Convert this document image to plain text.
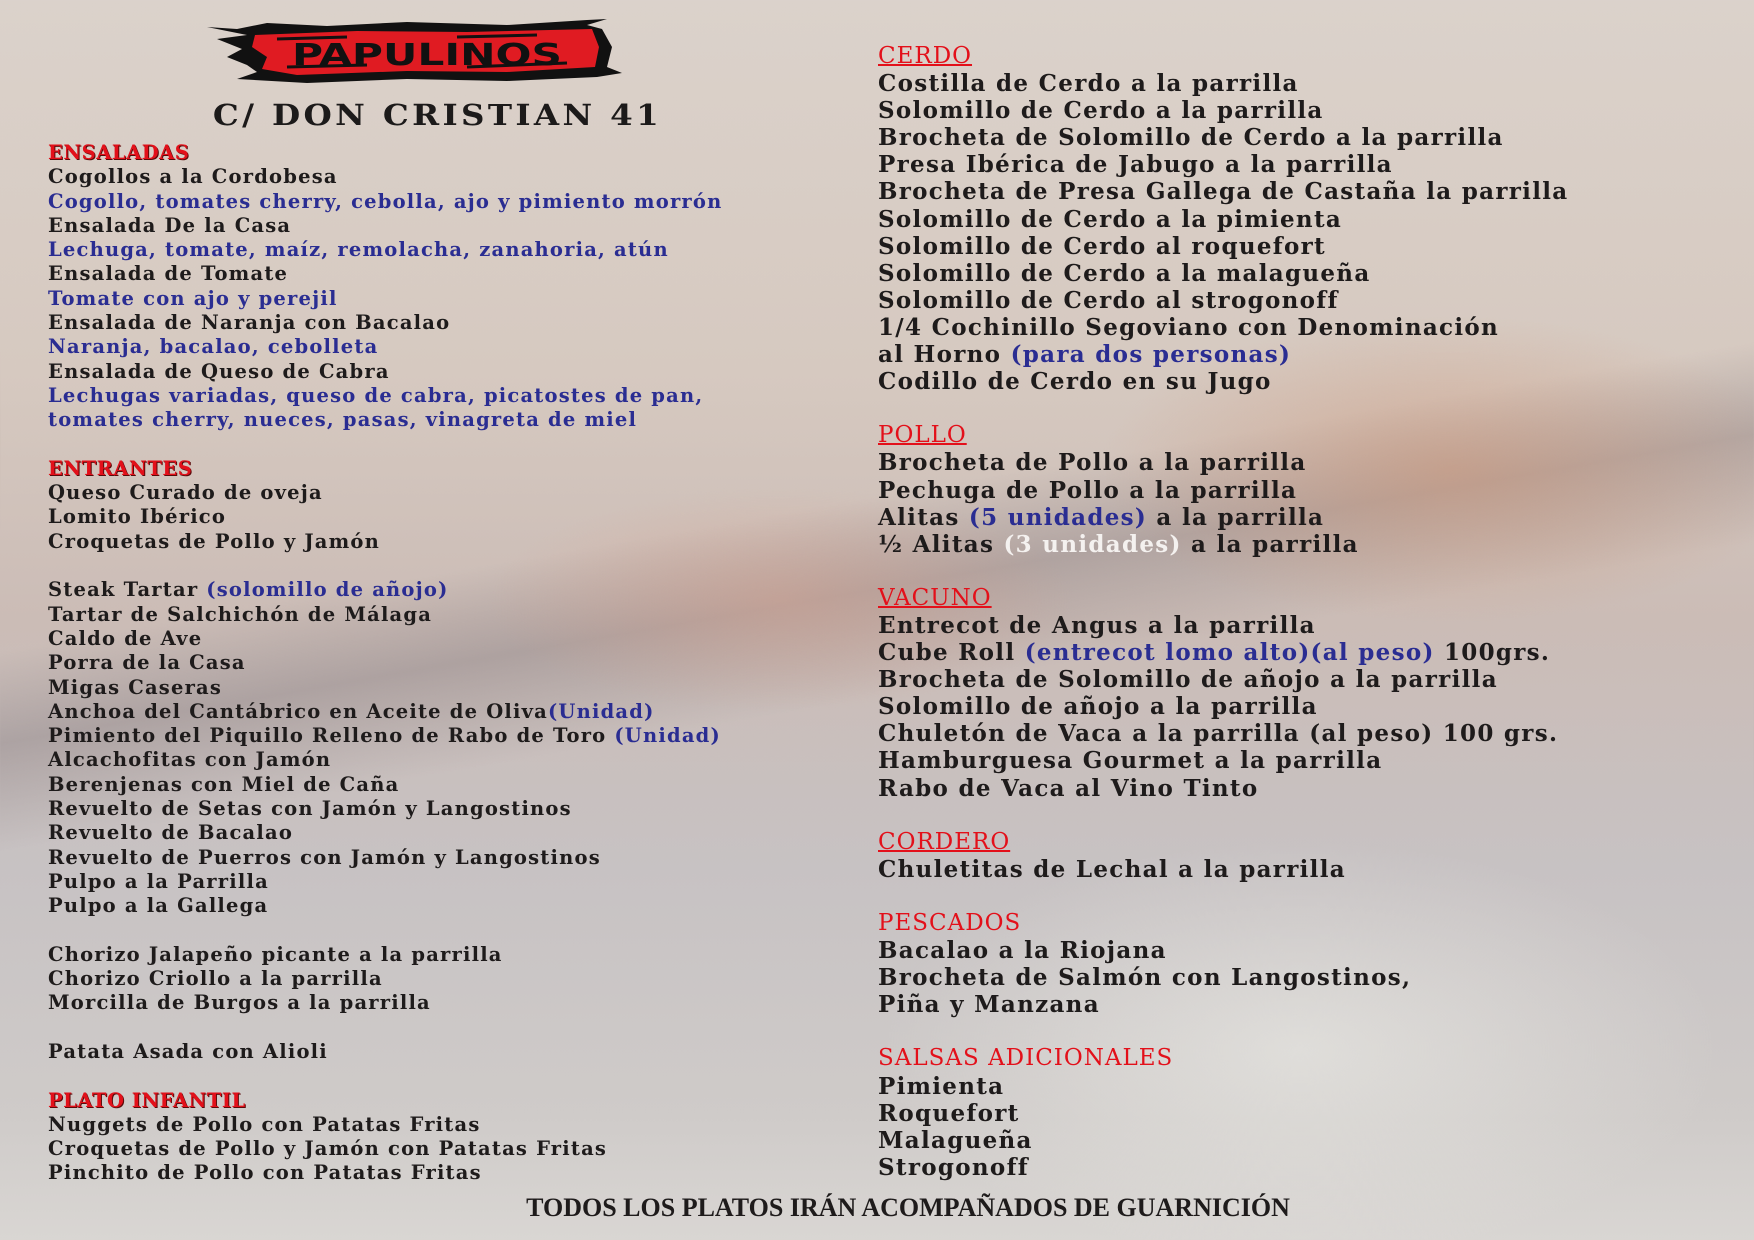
PAPULINOS
C/ DON CRISTIAN 41
ENSALADAS
Cogollos a la Cordobesa
Cogollo, tomates cherry, cebolla, ajo y pimiento morrón
Ensalada De la Casa
Lechuga, tomate, maíz, remolacha, zanahoria, atún
Ensalada de Tomate
Tomate con ajo y perejil
Ensalada de Naranja con Bacalao
Naranja, bacalao, cebolleta
Ensalada de Queso de Cabra
Lechugas variadas, queso de cabra, picatostes de pan,
tomates cherry, nueces, pasas, vinagreta de miel
ENTRANTES
Queso Curado de oveja
Lomito Ibérico
Croquetas de Pollo y Jamón
Steak Tartar (solomillo de añojo)
Tartar de Salchichón de Málaga
Caldo de Ave
Porra de la Casa
Migas Caseras
Anchoa del Cantábrico en Aceite de Oliva(Unidad)
Pimiento del Piquillo Relleno de Rabo de Toro (Unidad)
Alcachofitas con Jamón
Berenjenas con Miel de Caña
Revuelto de Setas con Jamón y Langostinos
Revuelto de Bacalao
Revuelto de Puerros con Jamón y Langostinos
Pulpo a la Parrilla
Pulpo a la Gallega
Chorizo Jalapeño picante a la parrilla
Chorizo Criollo a la parrilla
Morcilla de Burgos a la parrilla
Patata Asada con Alioli
PLATO INFANTIL
Nuggets de Pollo con Patatas Fritas
Croquetas de Pollo y Jamón con Patatas Fritas
Pinchito de Pollo con Patatas Fritas
CERDO
Costilla de Cerdo a la parrilla
Solomillo de Cerdo a la parrilla
Brocheta de Solomillo de Cerdo a la parrilla
Presa Ibérica de Jabugo a la parrilla
Brocheta de Presa Gallega de Castaña la parrilla
Solomillo de Cerdo a la pimienta
Solomillo de Cerdo al roquefort
Solomillo de Cerdo a la malagueña
Solomillo de Cerdo al strogonoff
1/4 Cochinillo Segoviano con Denominación
al Horno (para dos personas)
Codillo de Cerdo en su Jugo
POLLO
Brocheta de Pollo a la parrilla
Pechuga de Pollo a la parrilla
Alitas (5 unidades) a la parrilla
½ Alitas (3 unidades) a la parrilla
VACUNO
Entrecot de Angus a la parrilla
Cube Roll (entrecot lomo alto)(al peso) 100grs.
Brocheta de Solomillo de añojo a la parrilla
Solomillo de añojo a la parrilla
Chuletón de Vaca a la parrilla (al peso) 100 grs.
Hamburguesa Gourmet a la parrilla
Rabo de Vaca al Vino Tinto
CORDERO
Chuletitas de Lechal a la parrilla
PESCADOS
Bacalao a la Riojana
Brocheta de Salmón con Langostinos,
Piña y Manzana
SALSAS ADICIONALES
Pimienta
Roquefort
Malagueña
Strogonoff
TODOS LOS PLATOS IRÁN ACOMPAÑADOS DE GUARNICIÓN
